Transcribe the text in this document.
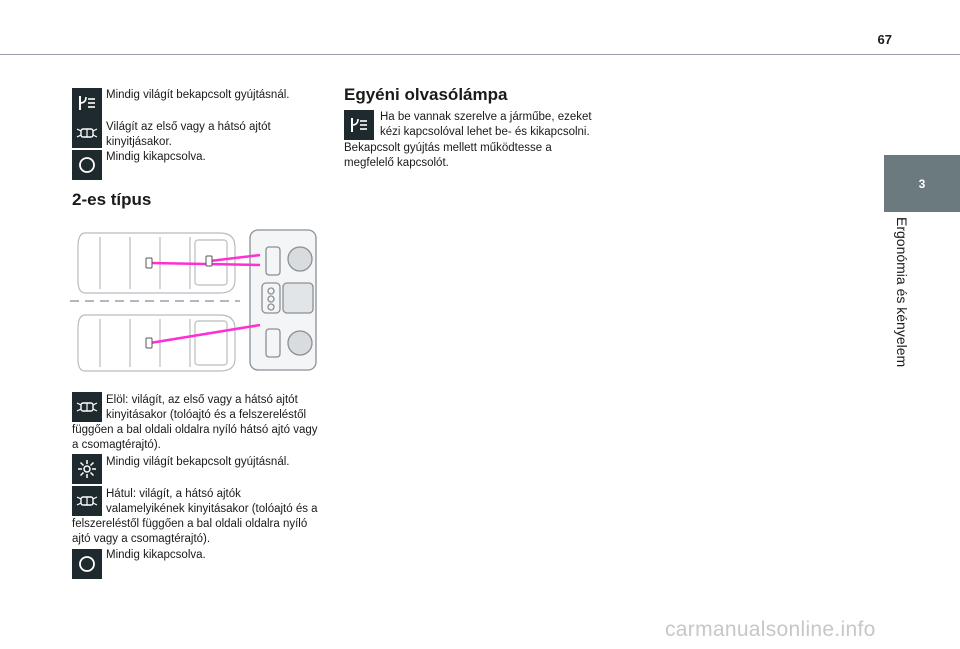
67
3
Ergonómia és kényelem
Mindig világít bekapcsolt gyújtásnál.
Világít az első vagy a hátsó ajtót
kinyitjásakor.
Mindig kikapcsolva.
2-es típus
Elöl: világít, az első vagy a hátsó ajtót
kinyitásakor (tolóajtó és a felszereléstől
függően a bal oldali oldalra nyíló hátsó ajtó vagy
a csomagtérajtó).
Mindig világít bekapcsolt gyújtásnál.
Hátul: világít, a hátsó ajtók
valamelyikének kinyitásakor (tolóajtó és a
felszereléstől függően a bal oldali oldalra nyíló
ajtó vagy a csomagtérajtó).
Mindig kikapcsolva.
Egyéni olvasólámpa
Ha be vannak szerelve a járműbe, ezeket
kézi kapcsolóval lehet be- és kikapcsolni.
Bekapcsolt gyújtás mellett működtesse a
megfelelő kapcsolót.
carmanualsonline.info
